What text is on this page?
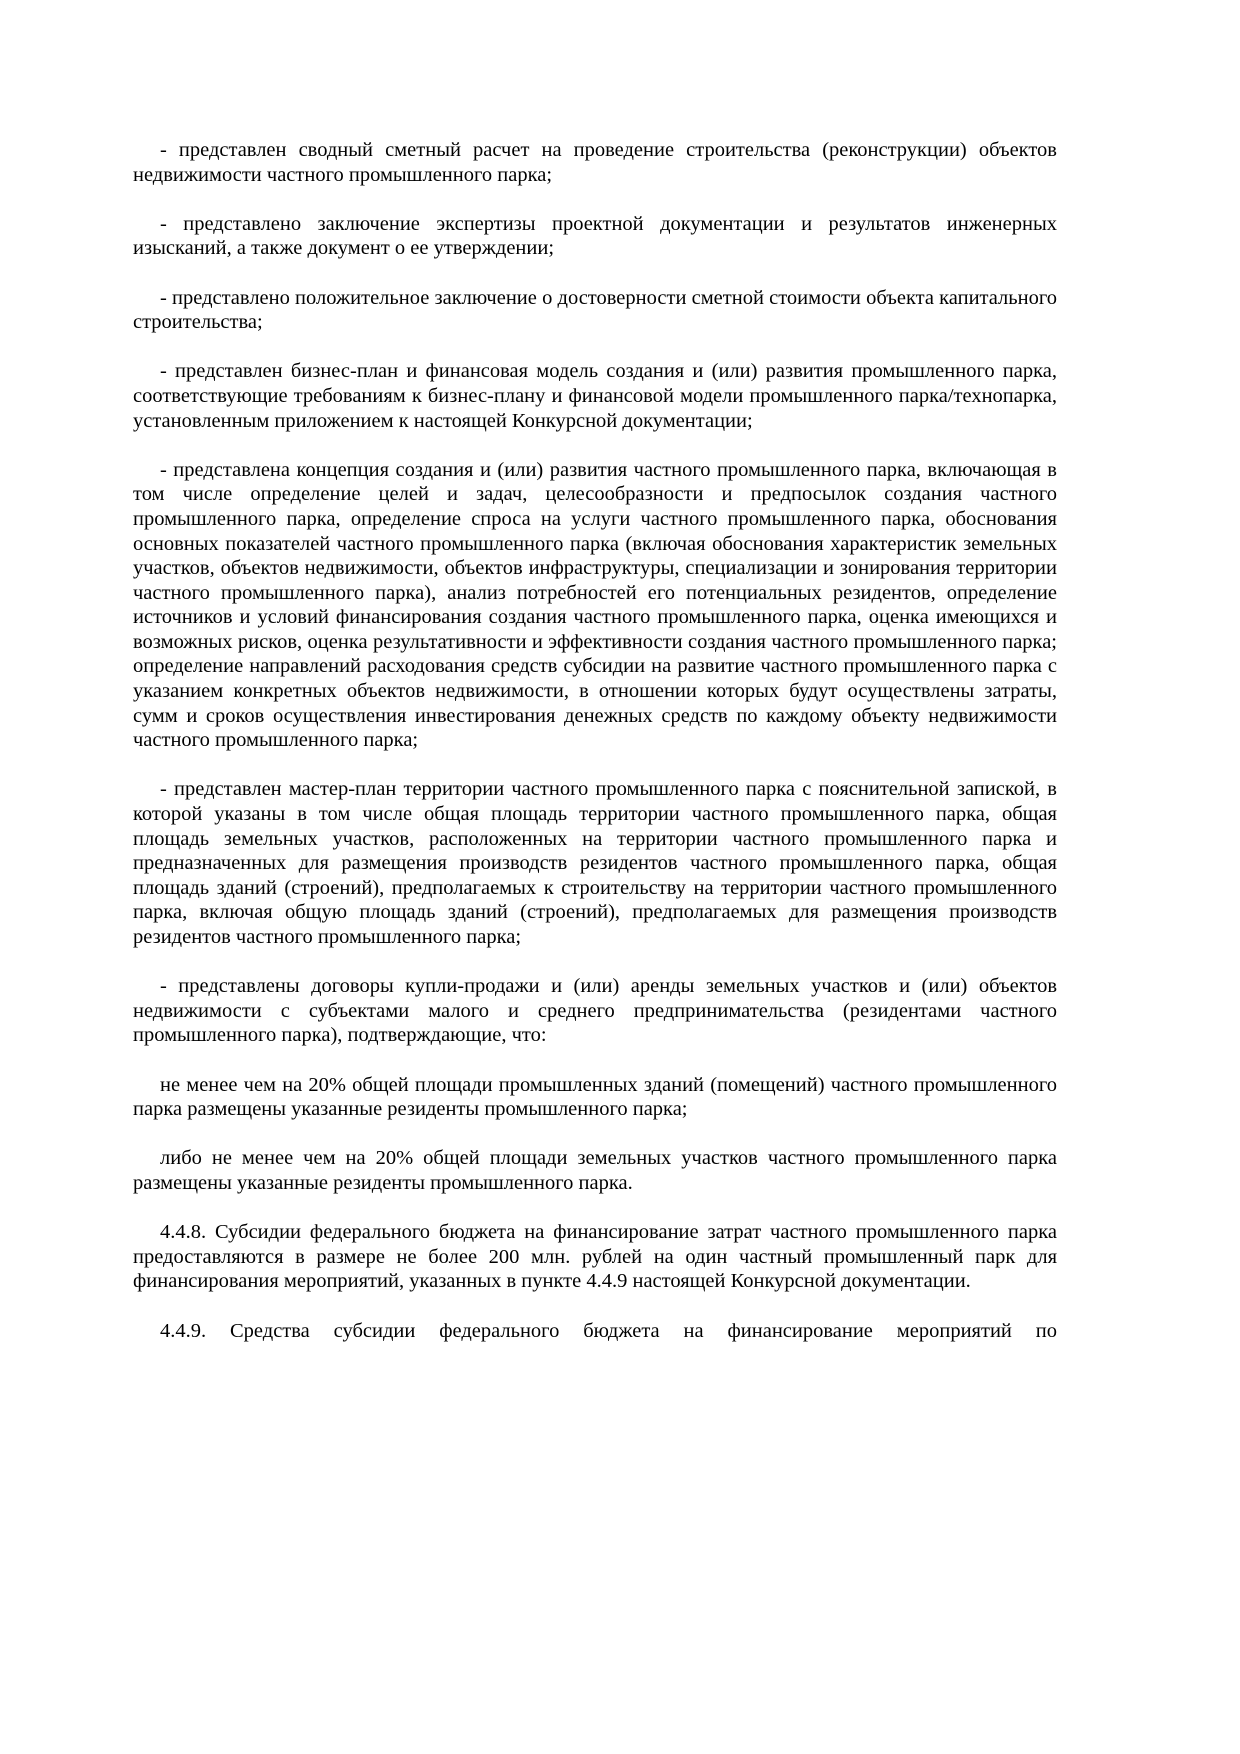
- представлен сводный сметный расчет на проведение строительства (реконструкции) объектов недвижимости частного промышленного парка;

- представлено заключение экспертизы проектной документации и результатов инженерных изысканий, а также документ о ее утверждении;

- представлено положительное заключение о достоверности сметной стоимости объекта капитального строительства;

- представлен бизнес-план и финансовая модель создания и (или) развития промышленного парка, соответствующие требованиям к бизнес-плану и финансовой модели промышленного парка/технопарка, установленным приложением к настоящей Конкурсной документации;

- представлена концепция создания и (или) развития частного промышленного парка, включающая в том числе определение целей и задач, целесообразности и предпосылок создания частного промышленного парка, определение спроса на услуги частного промышленного парка, обоснования основных показателей частного промышленного парка (включая обоснования характеристик земельных участков, объектов недвижимости, объектов инфраструктуры, специализации и зонирования территории частного промышленного парка), анализ потребностей его потенциальных резидентов, определение источников и условий финансирования создания частного промышленного парка, оценка имеющихся и возможных рисков, оценка результативности и эффективности создания частного промышленного парка; определение направлений расходования средств субсидии на развитие частного промышленного парка с указанием конкретных объектов недвижимости, в отношении которых будут осуществлены затраты, сумм и сроков осуществления инвестирования денежных средств по каждому объекту недвижимости частного промышленного парка;

- представлен мастер-план территории частного промышленного парка с пояснительной запиской, в которой указаны в том числе общая площадь территории частного промышленного парка, общая площадь земельных участков, расположенных на территории частного промышленного парка и предназначенных для размещения производств резидентов частного промышленного парка, общая площадь зданий (строений), предполагаемых к строительству на территории частного промышленного парка, включая общую площадь зданий (строений), предполагаемых для размещения производств резидентов частного промышленного парка;

- представлены договоры купли-продажи и (или) аренды земельных участков и (или) объектов недвижимости с субъектами малого и среднего предпринимательства (резидентами частного промышленного парка), подтверждающие, что:

не менее чем на 20% общей площади промышленных зданий (помещений) частного промышленного парка размещены указанные резиденты промышленного парка;

либо не менее чем на 20% общей площади земельных участков частного промышленного парка размещены указанные резиденты промышленного парка.

4.4.8. Субсидии федерального бюджета на финансирование затрат частного промышленного парка предоставляются в размере не более 200 млн. рублей на один частный промышленный парк для финансирования мероприятий, указанных в пункте 4.4.9 настоящей Конкурсной документации.

4.4.9. Средства субсидии федерального бюджета на финансирование мероприятий по
